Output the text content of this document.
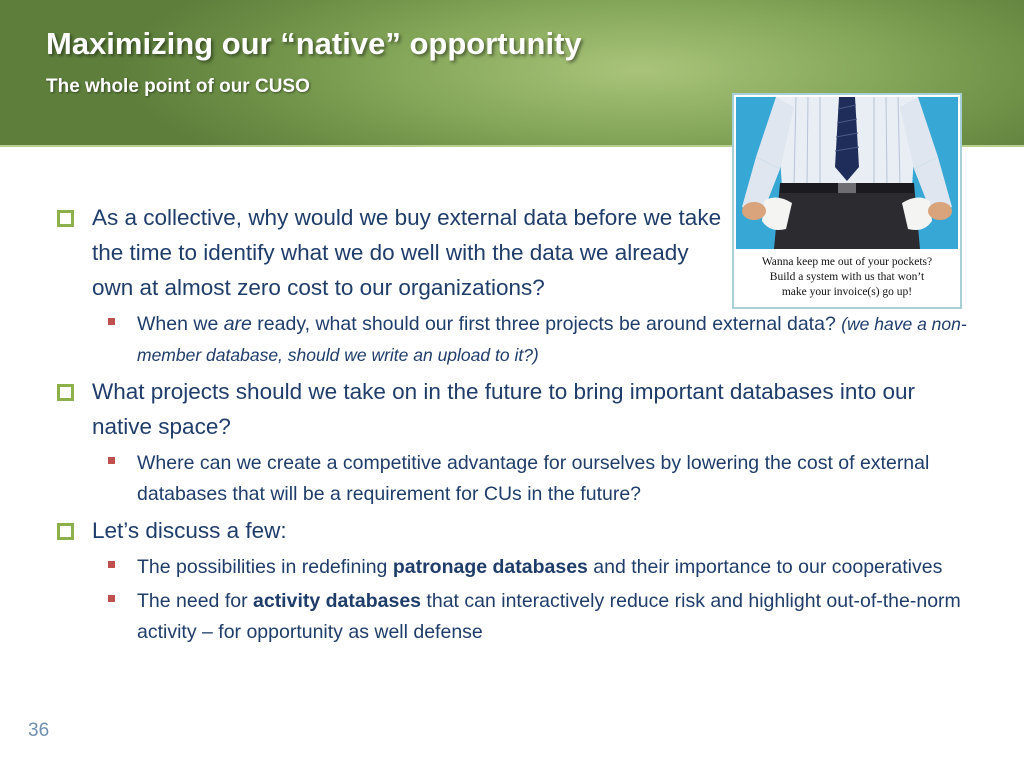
Maximizing our “native” opportunity
The whole point of our CUSO
Wanna keep me out of your pockets?
Build a system with us that won’t
make your invoice(s) go up!
As a collective, why would we buy external data before we take the time to identify what we do well with the data we already own at almost zero cost to our organizations?
When we are ready, what should our first three projects be around external data? (we have a non-member database, should we write an upload to it?)
What projects should we take on in the future to bring important databases into our native space?
Where can we create a competitive advantage for ourselves by lowering the cost of external databases that will be a requirement for CUs in the future?
Let’s discuss a few:
The possibilities in redefining patronage databases and their importance to our cooperatives
The need for activity databases that can interactively reduce risk and highlight out-of-the-norm activity – for opportunity as well defense
36
